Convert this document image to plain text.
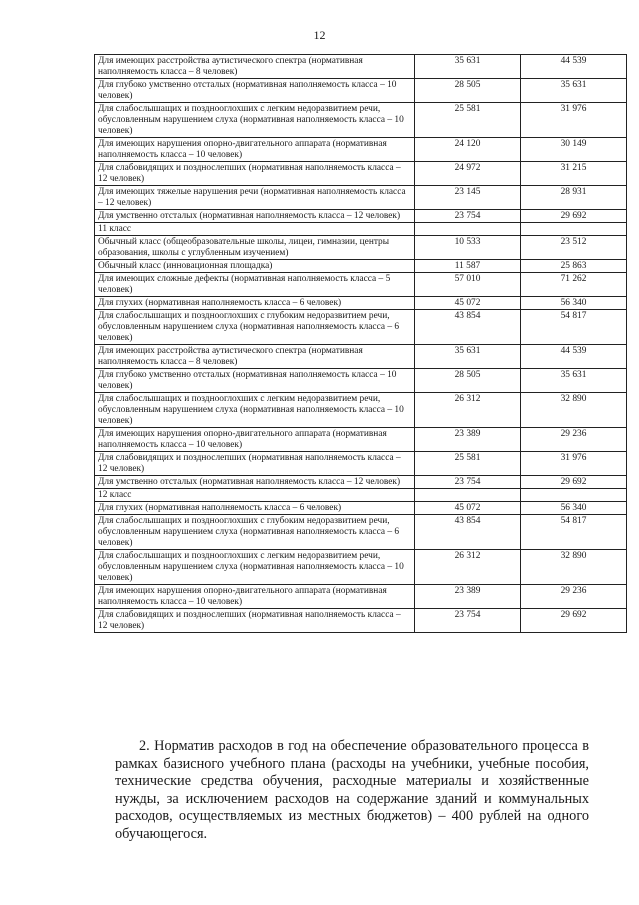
12
Для имеющих расстройства аутистического спектра (нормативная наполняемость класса – 8 человек)	35 631	44 539
Для глубоко умственно отсталых (нормативная наполняемость класса – 10 человек)	28 505	35 631
Для слабослышащих и позднооглохших с легким недоразвитием речи, обусловленным нарушением слуха (нормативная наполняемость класса – 10 человек)	25 581	31 976
Для имеющих нарушения опорно-двигательного аппарата (нормативная наполняемость класса – 10 человек)	24 120	30 149
Для слабовидящих и позднослепших (нормативная наполняемость класса – 12 человек)	24 972	31 215
Для имеющих тяжелые нарушения речи (нормативная наполняемость класса – 12 человек)	23 145	28 931
Для умственно отсталых (нормативная наполняемость класса – 12 человек)	23 754	29 692
11 класс		
Обычный класс (общеобразовательные школы, лицеи, гимназии, центры образования, школы с углубленным изучением)	10 533	23 512
Обычный класс (инновационная площадка)	11 587	25 863
Для имеющих сложные дефекты (нормативная наполняемость класса – 5 человек)	57 010	71 262
Для глухих (нормативная наполняемость класса – 6 человек)	45 072	56 340
Для слабослышащих и позднооглохших с глубоким недоразвитием речи, обусловленным нарушением слуха (нормативная наполняемость класса – 6 человек)	43 854	54 817
Для имеющих расстройства аутистического спектра (нормативная наполняемость класса – 8 человек)	35 631	44 539
Для глубоко умственно отсталых (нормативная наполняемость класса – 10 человек)	28 505	35 631
Для слабослышащих и позднооглохших с легким недоразвитием речи, обусловленным нарушением слуха (нормативная наполняемость класса – 10 человек)	26 312	32 890
Для имеющих нарушения опорно-двигательного аппарата (нормативная наполняемость класса – 10 человек)	23 389	29 236
Для слабовидящих и позднослепших (нормативная наполняемость класса – 12 человек)	25 581	31 976
Для умственно отсталых (нормативная наполняемость класса – 12 человек)	23 754	29 692
12 класс		
Для глухих (нормативная наполняемость класса – 6 человек)	45 072	56 340
Для слабослышащих и позднооглохших с глубоким недоразвитием речи, обусловленным нарушением слуха (нормативная наполняемость класса – 6 человек)	43 854	54 817
Для слабослышащих и позднооглохших с легким недоразвитием речи, обусловленным нарушением слуха (нормативная наполняемость класса – 10 человек)	26 312	32 890
Для имеющих нарушения опорно-двигательного аппарата (нормативная наполняемость класса – 10 человек)	23 389	29 236
Для слабовидящих и позднослепших (нормативная наполняемость класса – 12 человек)	23 754	29 692

2. Норматив расходов в год на обеспечение образовательного процесса в рамках базисного учебного плана (расходы на учебники, учебные пособия, технические средства обучения, расходные материалы и хозяйственные нужды, за исключением расходов на содержание зданий и коммунальных расходов, осуществляемых из местных бюджетов) – 400 рублей на одного обучающегося.
